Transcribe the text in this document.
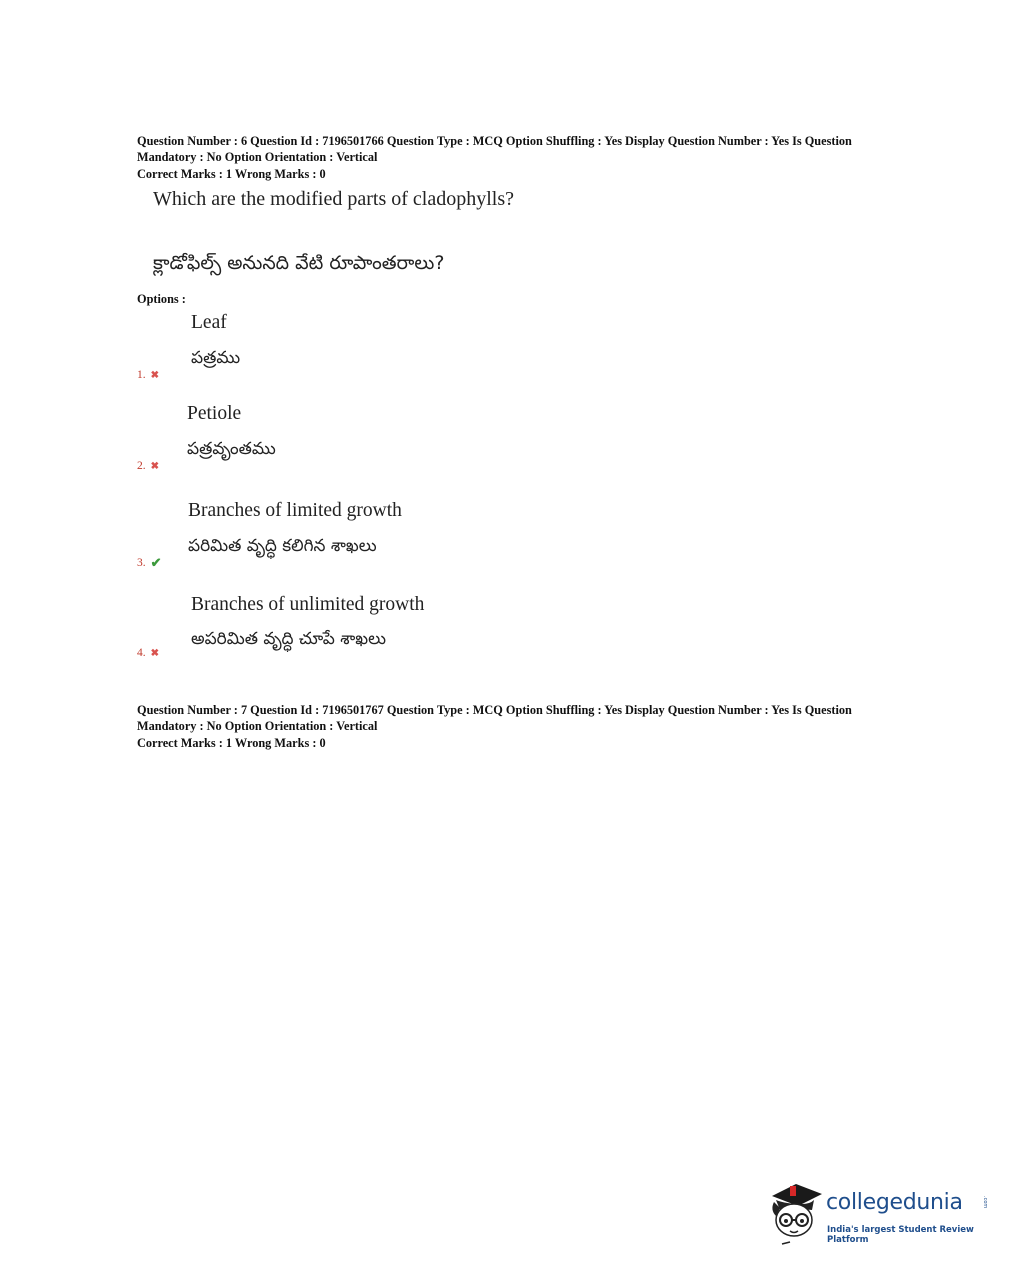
Question Number : 6 Question Id : 7196501766 Question Type : MCQ Option Shuffling : Yes Display Question Number : Yes Is Question
Mandatory : No Option Orientation : Vertical
Correct Marks : 1 Wrong Marks : 0
Which are the modified parts of cladophylls?
క్లాడోఫిల్స్ అనునది వేటి రూపాంతరాలు?
Options :
Leaf
పత్రము
1. ✖
Petiole
పత్రవృంతము
2. ✖
Branches of limited growth
పరిమిత వృద్ధి కలిగిన శాఖలు
3. ✔
Branches of unlimited growth
అపరిమిత వృద్ధి చూపే శాఖలు
4. ✖
Question Number : 7 Question Id : 7196501767 Question Type : MCQ Option Shuffling : Yes Display Question Number : Yes Is Question
Mandatory : No Option Orientation : Vertical
Correct Marks : 1 Wrong Marks : 0
collegedunia	.com
India's largest Student Review Platform
